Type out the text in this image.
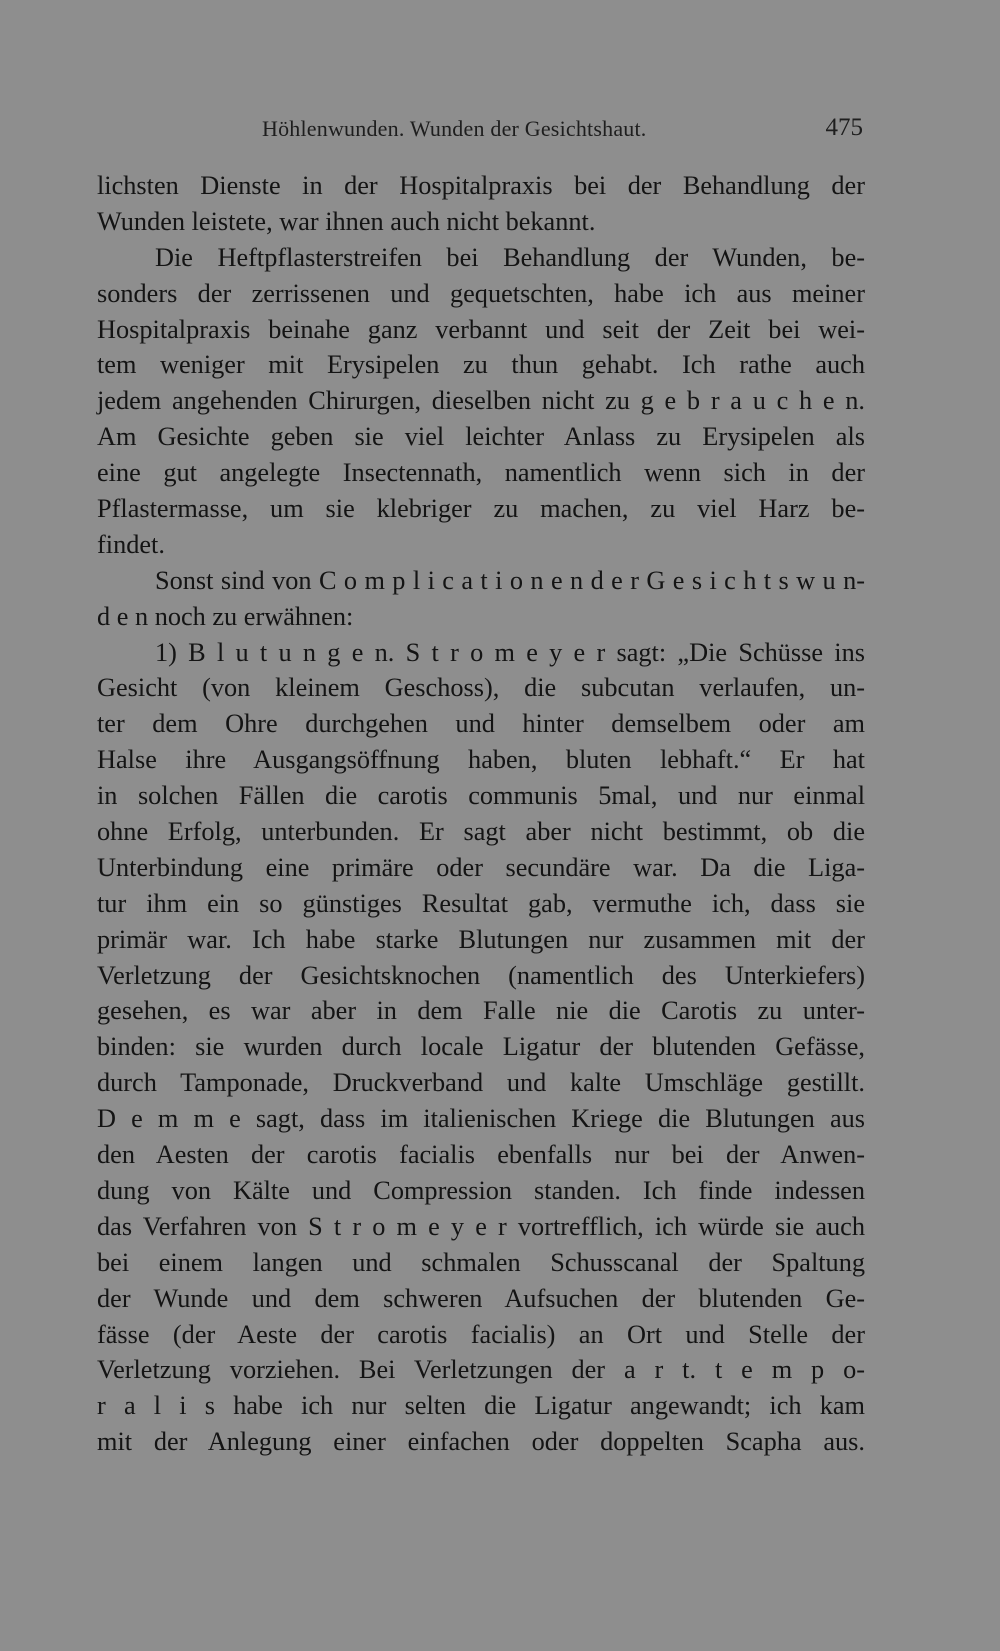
Höhlenwunden. Wunden der Gesichtshaut.	475
lichsten Dienste in der Hospitalpraxis bei der Behandlung der
Wunden leistete, war ihnen auch nicht bekannt.
Die Heftpflasterstreifen bei Behandlung der Wunden, be-
sonders der zerrissenen und gequetschten, habe ich aus meiner
Hospitalpraxis beinahe ganz verbannt und seit der Zeit bei wei-
tem weniger mit Erysipelen zu thun gehabt. Ich rathe auch
jedem angehenden Chirurgen, dieselben nicht zu g e b r a u c h e n.
Am Gesichte geben sie viel leichter Anlass zu Erysipelen als
eine gut angelegte Insectennath, namentlich wenn sich in der
Pflastermasse, um sie klebriger zu machen, zu viel Harz be-
findet.
Sonst sind von C o m p l i c a t i o n e n d e r G e s i c h t s w u n-
d e n noch zu erwähnen:
1) B l u t u n g e n. S t r o m e y e r sagt: „Die Schüsse ins
Gesicht (von kleinem Geschoss), die subcutan verlaufen, un-
ter dem Ohre durchgehen und hinter demselbem oder am
Halse ihre Ausgangsöffnung haben, bluten lebhaft.“ Er hat
in solchen Fällen die carotis communis 5mal, und nur einmal
ohne Erfolg, unterbunden. Er sagt aber nicht bestimmt, ob die
Unterbindung eine primäre oder secundäre war. Da die Liga-
tur ihm ein so günstiges Resultat gab, vermuthe ich, dass sie
primär war. Ich habe starke Blutungen nur zusammen mit der
Verletzung der Gesichtsknochen (namentlich des Unterkiefers)
gesehen, es war aber in dem Falle nie die Carotis zu unter-
binden: sie wurden durch locale Ligatur der blutenden Gefässe,
durch Tamponade, Druckverband und kalte Umschläge gestillt.
D e m m e sagt, dass im italienischen Kriege die Blutungen aus
den Aesten der carotis facialis ebenfalls nur bei der Anwen-
dung von Kälte und Compression standen. Ich finde indessen
das Verfahren von S t r o m e y e r vortrefflich, ich würde sie auch
bei einem langen und schmalen Schusscanal der Spaltung
der Wunde und dem schweren Aufsuchen der blutenden Ge-
fässe (der Aeste der carotis facialis) an Ort und Stelle der
Verletzung vorziehen. Bei Verletzungen der a r t. t e m p o-
r a l i s habe ich nur selten die Ligatur angewandt; ich kam
mit der Anlegung einer einfachen oder doppelten Scapha aus.
